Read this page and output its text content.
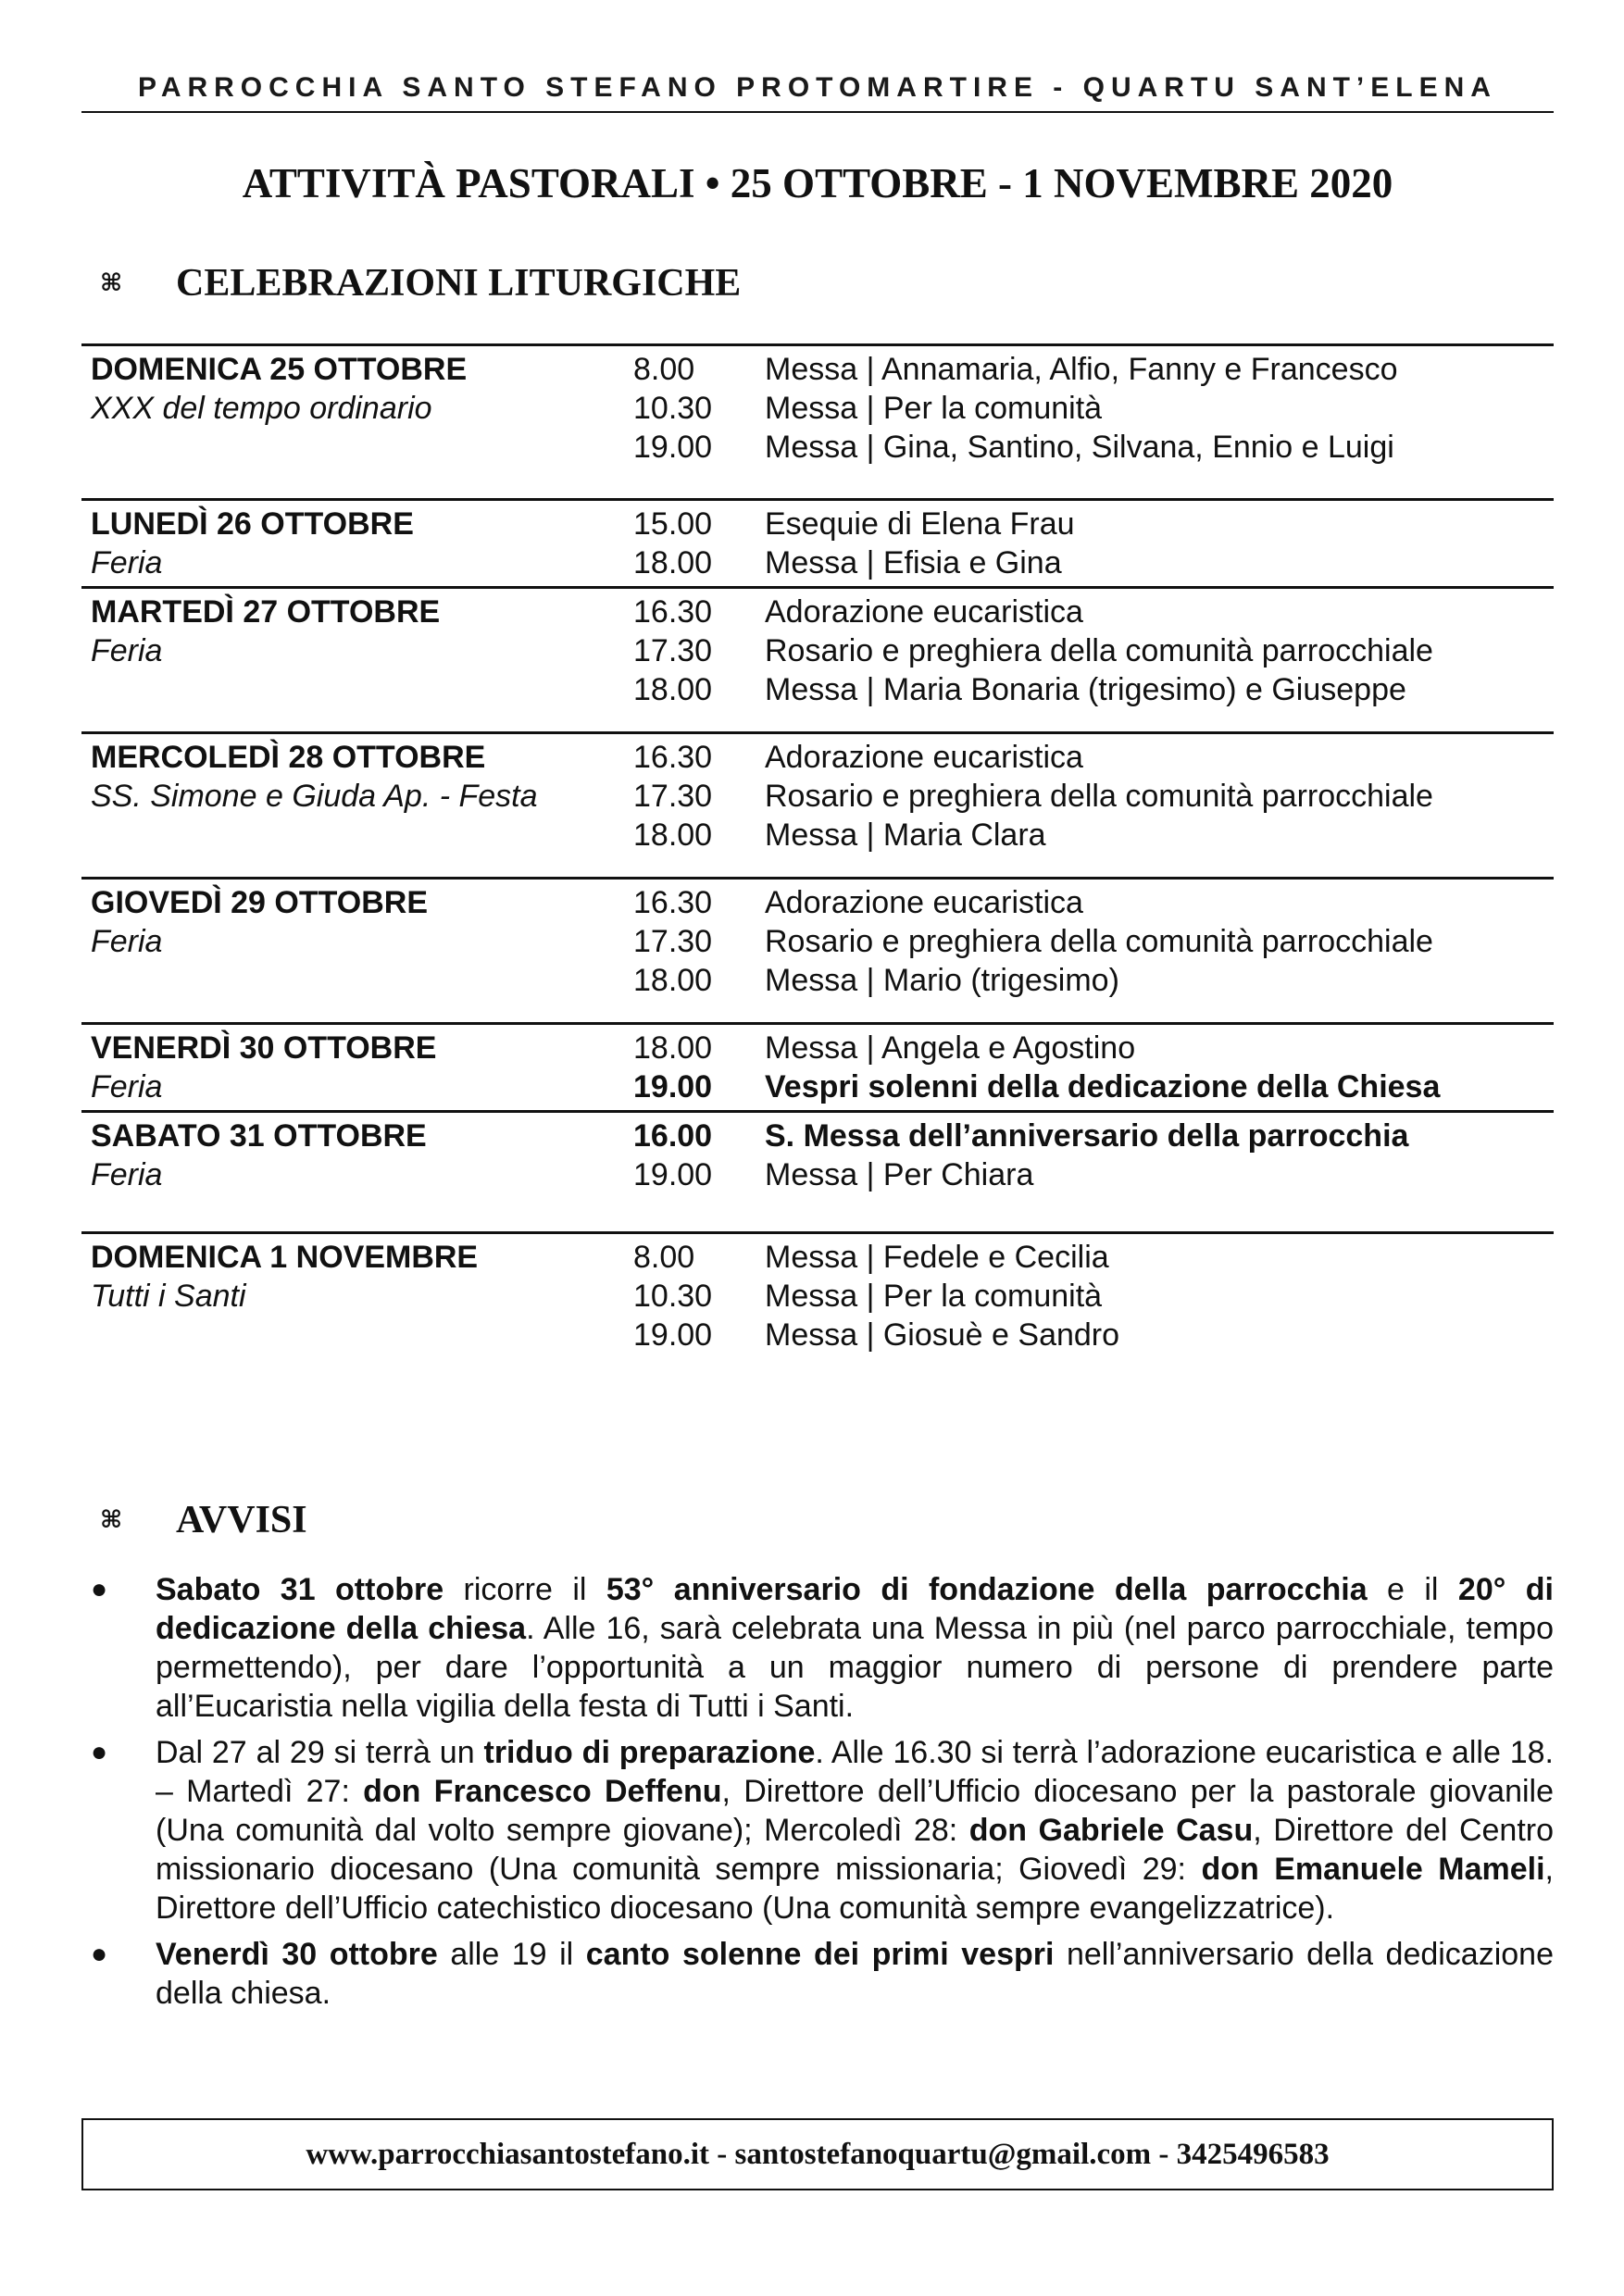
PARROCCHIA SANTO STEFANO PROTOMARTIRE - QUARTU SANT’ELENA
ATTIVITÀ PASTORALI • 25 OTTOBRE - 1 NOVEMBRE 2020
⌘	CELEBRAZIONI LITURGICHE
DOMENICA 25 OTTOBRE
XXX del tempo ordinario
8.00	Messa | Annamaria, Alfio, Fanny e Francesco
10.30	Messa | Per la comunità
19.00	Messa | Gina, Santino, Silvana, Ennio e Luigi
LUNEDÌ 26 OTTOBRE
Feria
15.00	Esequie di Elena Frau
18.00	Messa | Efisia e Gina
MARTEDÌ 27 OTTOBRE
Feria
16.30	Adorazione eucaristica
17.30	Rosario e preghiera della comunità parrocchiale
18.00	Messa | Maria Bonaria (trigesimo) e Giuseppe
MERCOLEDÌ 28 OTTOBRE
SS. Simone e Giuda Ap. - Festa
16.30	Adorazione eucaristica
17.30	Rosario e preghiera della comunità parrocchiale
18.00	Messa | Maria Clara
GIOVEDÌ 29 OTTOBRE
Feria
16.30	Adorazione eucaristica
17.30	Rosario e preghiera della comunità parrocchiale
18.00	Messa | Mario (trigesimo)
VENERDÌ 30 OTTOBRE
Feria
18.00	Messa | Angela e Agostino
19.00	Vespri solenni della dedicazione della Chiesa
SABATO 31 OTTOBRE
Feria
16.00	S. Messa dell’anniversario della parrocchia
19.00	Messa | Per Chiara
DOMENICA 1 NOVEMBRE
Tutti i Santi
8.00	Messa | Fedele e Cecilia
10.30	Messa | Per la comunità
19.00	Messa | Giosuè e Sandro
⌘	AVVISI
●	Sabato 31 ottobre ricorre il 53° anniversario di fondazione della parrocchia e il 20° di dedicazione della chiesa. Alle 16, sarà celebrata una Messa in più (nel parco parrocchiale, tempo permettendo), per dare l’opportunità a un maggior numero di persone di prendere parte all’Eucaristia nella vigilia della festa di Tutti i Santi.
●	Dal 27 al 29 si terrà un triduo di preparazione. Alle 16.30 si terrà l’adorazione eucaristica e alle 18. – Martedì 27: don Francesco Deffenu, Direttore dell’Ufficio diocesano per la pastorale giovanile (Una comunità dal volto sempre giovane); Mercoledì 28: don Gabriele Casu, Direttore del Centro missionario diocesano (Una comunità sempre missionaria; Giovedì 29: don Emanuele Mameli, Direttore dell’Ufficio catechistico diocesano (Una comunità sempre evangelizzatrice).
●	Venerdì 30 ottobre alle 19 il canto solenne dei primi vespri nell’anniversario della dedicazione della chiesa.
www.parrocchiasantostefano.it - santostefanoquartu@gmail.com - 3425496583
